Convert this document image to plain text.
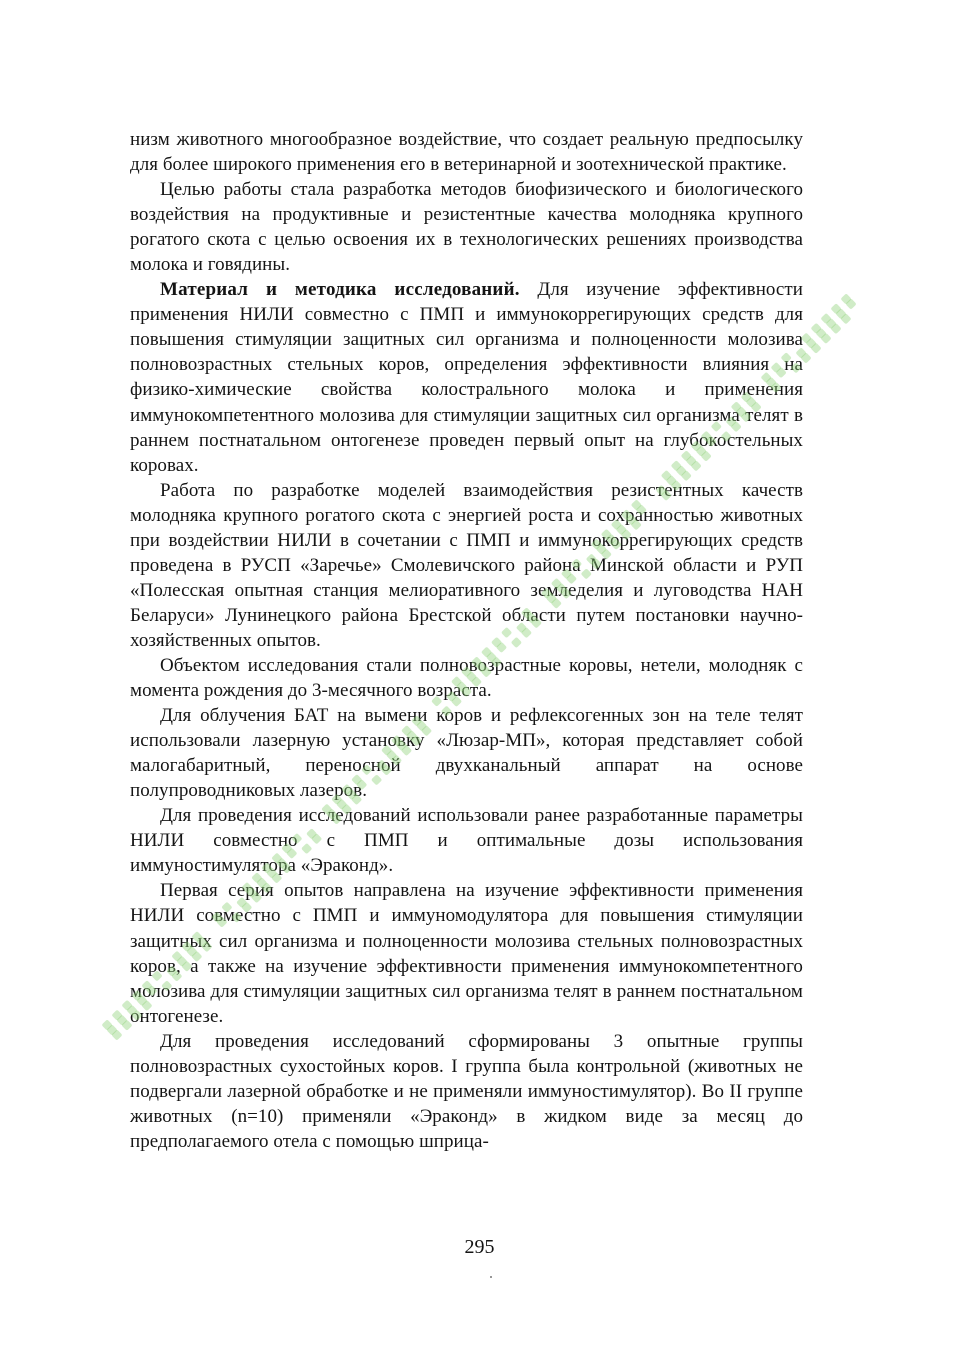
низм животного многообразное воздействие, что создает реальную предпосылку для более широкого применения его в ветеринарной и зоотехнической практике.

Целью работы стала разработка методов биофизического и биологического воздействия на продуктивные и резистентные качества молодняка крупного рогатого скота с целью освоения их в технологических решениях производства молока и говядины.

Материал и методика исследований. Для изучение эффективности применения НИЛИ совместно с ПМП и иммунокоррегирующих средств для повышения стимуляции защитных сил организма и полноценности молозива полновозрастных стельных коров, определения эффективности влияния на физико-химические свойства колострального молока и применения иммунокомпетентного молозива для стимуляции защитных сил организма телят в раннем постнатальном онтогенезе проведен первый опыт на глубокостельных коровах.

Работа по разработке моделей взаимодействия резистентных качеств молодняка крупного рогатого скота с энергией роста и сохранностью животных при воздействии НИЛИ в сочетании с ПМП и иммунокоррегирующих средств проведена в РУСП «Заречье» Смолевичского района Минской области и РУП «Полесская опытная станция мелиоративного земледелия и луговодства НАН Беларуси» Лунинецкого района Брестской области путем постановки научно-хозяйственных опытов.

Объектом исследования стали полновозрастные коровы, нетели, молодняк с момента рождения до 3-месячного возраста.

Для облучения БАТ на вымени коров и рефлексогенных зон на теле телят использовали лазерную установку «Люзар-МП», которая представляет собой малогабаритный, переносной двухканальный аппарат на основе полупроводниковых лазеров.

Для проведения исследований использовали ранее разработанные параметры НИЛИ совместно с ПМП и оптимальные дозы использования иммуностимулятора «Эраконд».

Первая серия опытов направлена на изучение эффективности применения НИЛИ совместно с ПМП и иммуномодулятора для повышения стимуляции защитных сил организма и полноценности молозива стельных полновозрастных коров, а также на изучение эффективности применения иммунокомпетентного молозива для стимуляции защитных сил организма телят в раннем постнатальном онтогенезе.

Для проведения исследований сформированы 3 опытные группы полновозрастных сухостойных коров. I группа была контрольной (животных не подвергали лазерной обработке и не применяли иммуностимулятор). Во II группе животных (n=10) применяли «Эраконд» в жидком виде за месяц до предполагаемого отела с помощью шприца-

295
